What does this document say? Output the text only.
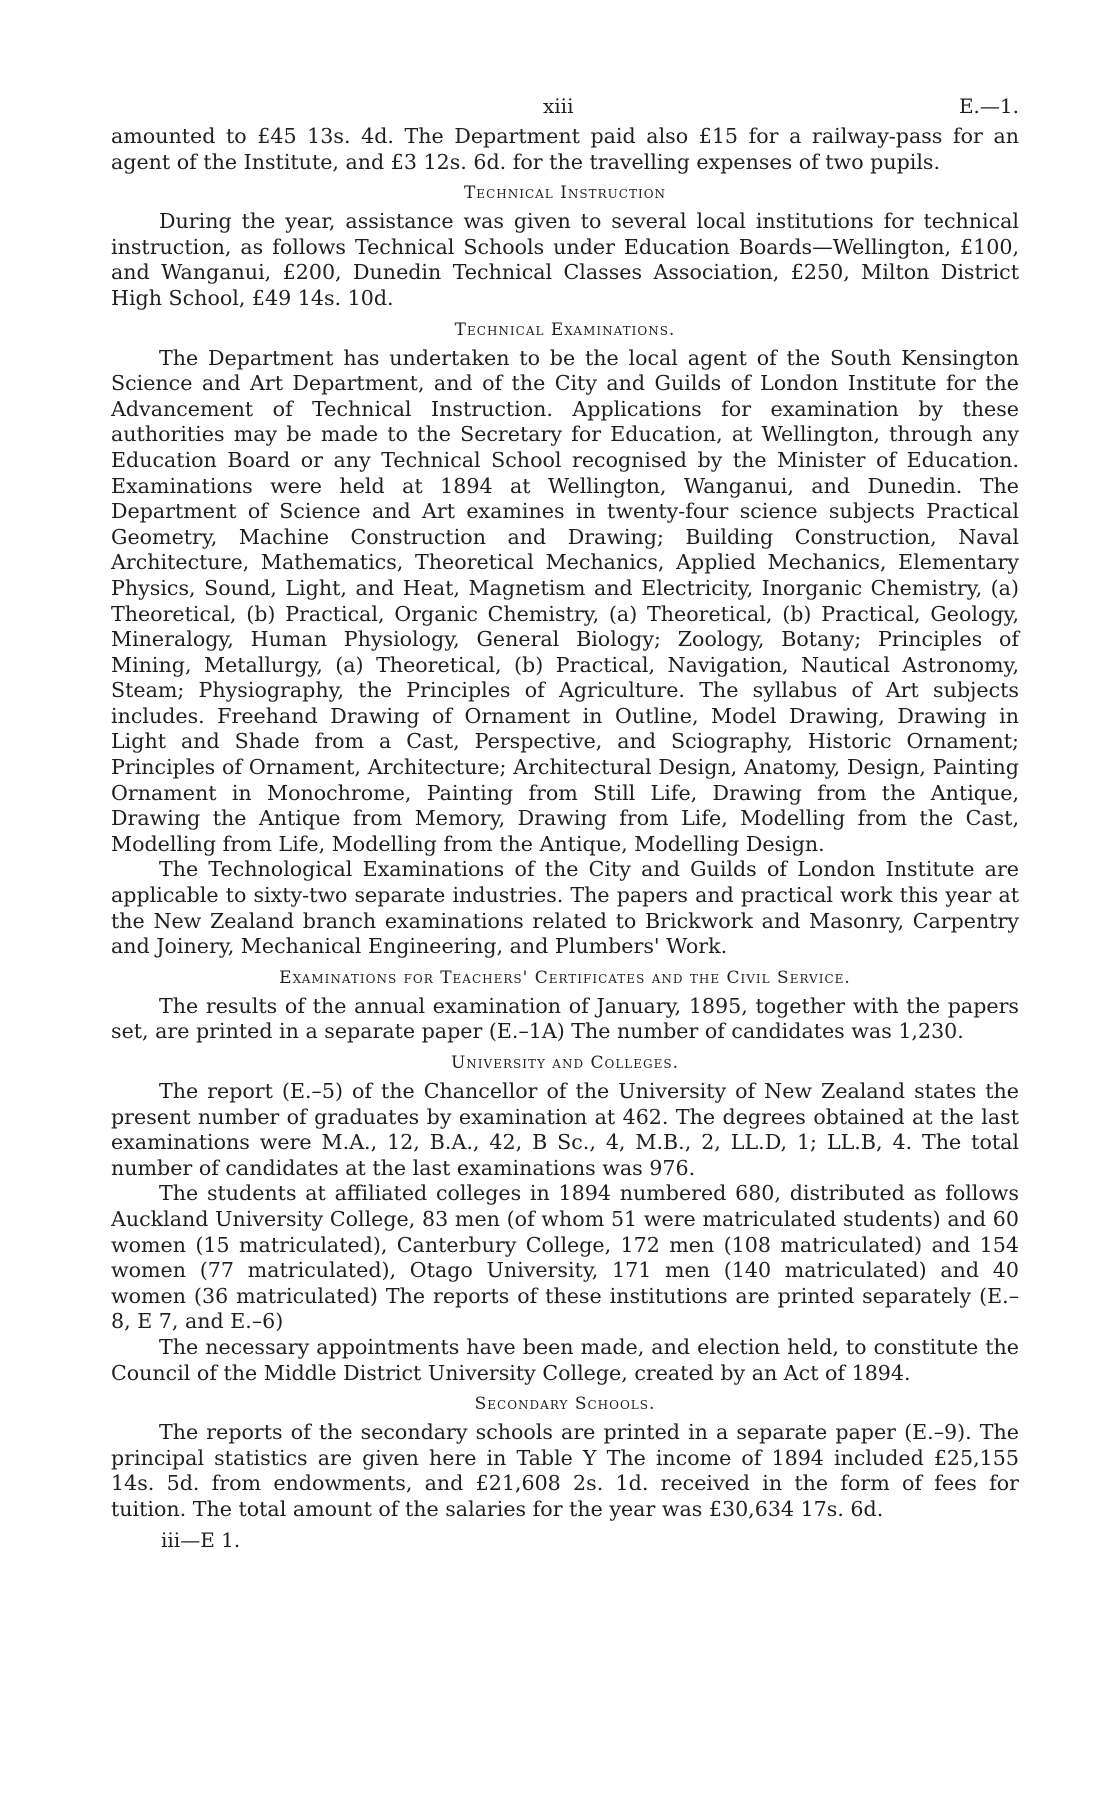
xiii	E.—1.

amounted to £45 13s. 4d. The Department paid also £15 for a railway-pass for an agent of the Institute, and £3 12s. 6d. for the travelling expenses of two pupils.

Technical Instruction

During the year, assistance was given to several local institutions for technical instruction, as follows Technical Schools under Education Boards—Wellington, £100, and Wanganui, £200, Dunedin Technical Classes Association, £250, Milton District High School, £49 14s. 10d.

Technical Examinations.

The Department has undertaken to be the local agent of the South Kensington Science and Art Department, and of the City and Guilds of London Institute for the Advancement of Technical Instruction. Applications for examination by these authorities may be made to the Secretary for Education, at Wellington, through any Education Board or any Technical School recognised by the Minister of Education. Examinations were held at 1894 at Wellington, Wanganui, and Dunedin. The Department of Science and Art examines in twenty-four science subjects Practical Geometry, Machine Construction and Drawing; Building Construction, Naval Architecture, Mathematics, Theoretical Mechanics, Applied Mechanics, Elementary Physics, Sound, Light, and Heat, Magnetism and Electricity, Inorganic Chemistry, (a) Theoretical, (b) Practical, Organic Chemistry, (a) Theoretical, (b) Practical, Geology, Mineralogy, Human Physiology, General Biology; Zoology, Botany; Principles of Mining, Metallurgy, (a) Theoretical, (b) Practical, Navigation, Nautical Astronomy, Steam; Physiography, the Principles of Agriculture. The syllabus of Art subjects includes. Freehand Drawing of Ornament in Outline, Model Drawing, Drawing in Light and Shade from a Cast, Perspective, and Sciography, Historic Ornament; Principles of Ornament, Architecture; Architectural Design, Anatomy, Design, Painting Ornament in Monochrome, Painting from Still Life, Drawing from the Antique, Drawing the Antique from Memory, Drawing from Life, Modelling from the Cast, Modelling from Life, Modelling from the Antique, Modelling Design.

The Technological Examinations of the City and Guilds of London Institute are applicable to sixty-two separate industries. The papers and practical work this year at the New Zealand branch examinations related to Brickwork and Masonry, Carpentry and Joinery, Mechanical Engineering, and Plumbers' Work.

Examinations for Teachers' Certificates and the Civil Service.

The results of the annual examination of January, 1895, together with the papers set, are printed in a separate paper (E.–1A) The number of candidates was 1,230.

University and Colleges.

The report (E.–5) of the Chancellor of the University of New Zealand states the present number of graduates by examination at 462. The degrees obtained at the last examinations were M.A., 12, B.A., 42, B Sc., 4, M.B., 2, LL.D, 1; LL.B, 4. The total number of candidates at the last examinations was 976.

The students at affiliated colleges in 1894 numbered 680, distributed as follows Auckland University College, 83 men (of whom 51 were matriculated students) and 60 women (15 matriculated), Canterbury College, 172 men (108 matriculated) and 154 women (77 matriculated), Otago University, 171 men (140 matriculated) and 40 women (36 matriculated) The reports of these institutions are printed separately (E.–8, E 7, and E.–6)

The necessary appointments have been made, and election held, to constitute the Council of the Middle District University College, created by an Act of 1894.

Secondary Schools.

The reports of the secondary schools are printed in a separate paper (E.–9). The principal statistics are given here in Table Y The income of 1894 included £25,155 14s. 5d. from endowments, and £21,608 2s. 1d. received in the form of fees for tuition. The total amount of the salaries for the year was £30,634 17s. 6d.

iii—E 1.
